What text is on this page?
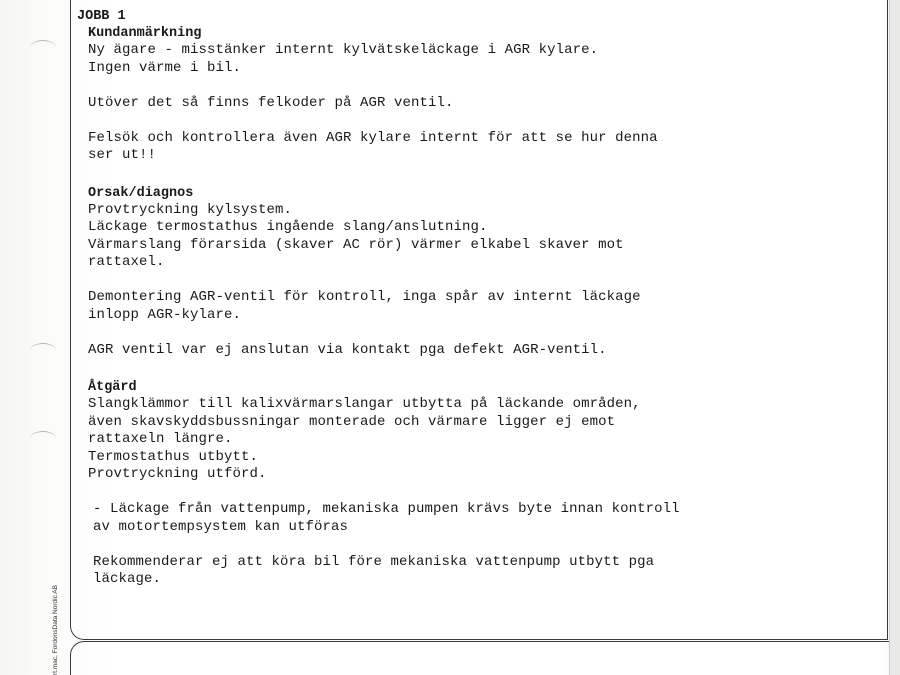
rt.mac, FordonsData Nordic AB
JOBB 1
Kundanmärkning
Ny ägare - misstänker internt kylvätskeläckage i AGR kylare.
Ingen värme i bil.

Utöver det så finns felkoder på AGR ventil.

Felsök och kontrollera även AGR kylare internt för att se hur denna
ser ut!!
Orsak/diagnos
Provtryckning kylsystem.
Läckage termostathus ingående slang/anslutning.
Värmarslang förarsida (skaver AC rör) värmer elkabel skaver mot
rattaxel.

Demontering AGR-ventil för kontroll, inga spår av internt läckage
inlopp AGR-kylare.

AGR ventil var ej anslutan via kontakt pga defekt AGR-ventil.
Åtgärd
Slangklämmor till kalixvärmarslangar utbytta på läckande områden,
även skavskyddsbussningar monterade och värmare ligger ej emot
rattaxeln längre.
Termostathus utbytt.
Provtryckning utförd.
- Läckage från vattenpump, mekaniska pumpen krävs byte innan kontroll
av motortempsystem kan utföras
Rekommenderar ej att köra bil före mekaniska vattenpump utbytt pga
läckage.
